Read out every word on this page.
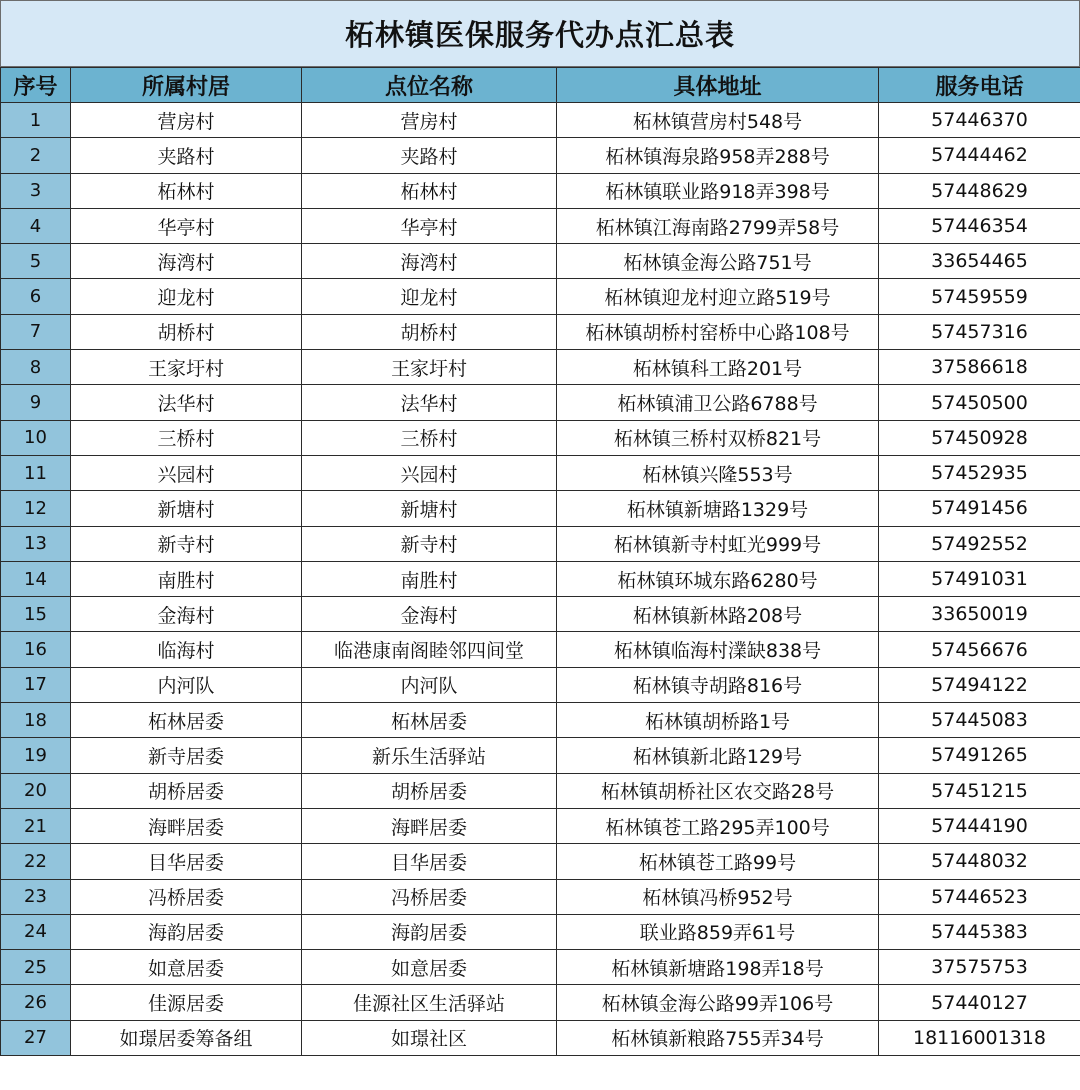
柘林镇医保服务代办点汇总表
序号	所属村居	点位名称	具体地址	服务电话
1	营房村	营房村	柘林镇营房村548号	57446370
2	夹路村	夹路村	柘林镇海泉路958弄288号	57444462
3	柘林村	柘林村	柘林镇联业路918弄398号	57448629
4	华亭村	华亭村	柘林镇江海南路2799弄58号	57446354
5	海湾村	海湾村	柘林镇金海公路751号	33654465
6	迎龙村	迎龙村	柘林镇迎龙村迎立路519号	57459559
7	胡桥村	胡桥村	柘林镇胡桥村窑桥中心路108号	57457316
8	王家圩村	王家圩村	柘林镇科工路201号	37586618
9	法华村	法华村	柘林镇浦卫公路6788号	57450500
10	三桥村	三桥村	柘林镇三桥村双桥821号	57450928
11	兴园村	兴园村	柘林镇兴隆553号	57452935
12	新塘村	新塘村	柘林镇新塘路1329号	57491456
13	新寺村	新寺村	柘林镇新寺村虹光999号	57492552
14	南胜村	南胜村	柘林镇环城东路6280号	57491031
15	金海村	金海村	柘林镇新林路208号	33650019
16	临海村	临港康南阁睦邻四间堂	柘林镇临海村澲缺838号	57456676
17	内河队	内河队	柘林镇寺胡路816号	57494122
18	柘林居委	柘林居委	柘林镇胡桥路1号	57445083
19	新寺居委	新乐生活驿站	柘林镇新北路129号	57491265
20	胡桥居委	胡桥居委	柘林镇胡桥社区农交路28号	57451215
21	海畔居委	海畔居委	柘林镇苍工路295弄100号	57444190
22	目华居委	目华居委	柘林镇苍工路99号	57448032
23	冯桥居委	冯桥居委	柘林镇冯桥952号	57446523
24	海韵居委	海韵居委	联业路859弄61号	57445383
25	如意居委	如意居委	柘林镇新塘路198弄18号	37575753
26	佳源居委	佳源社区生活驿站	柘林镇金海公路99弄106号	57440127
27	如璟居委筹备组	如璟社区	柘林镇新粮路755弄34号	18116001318
